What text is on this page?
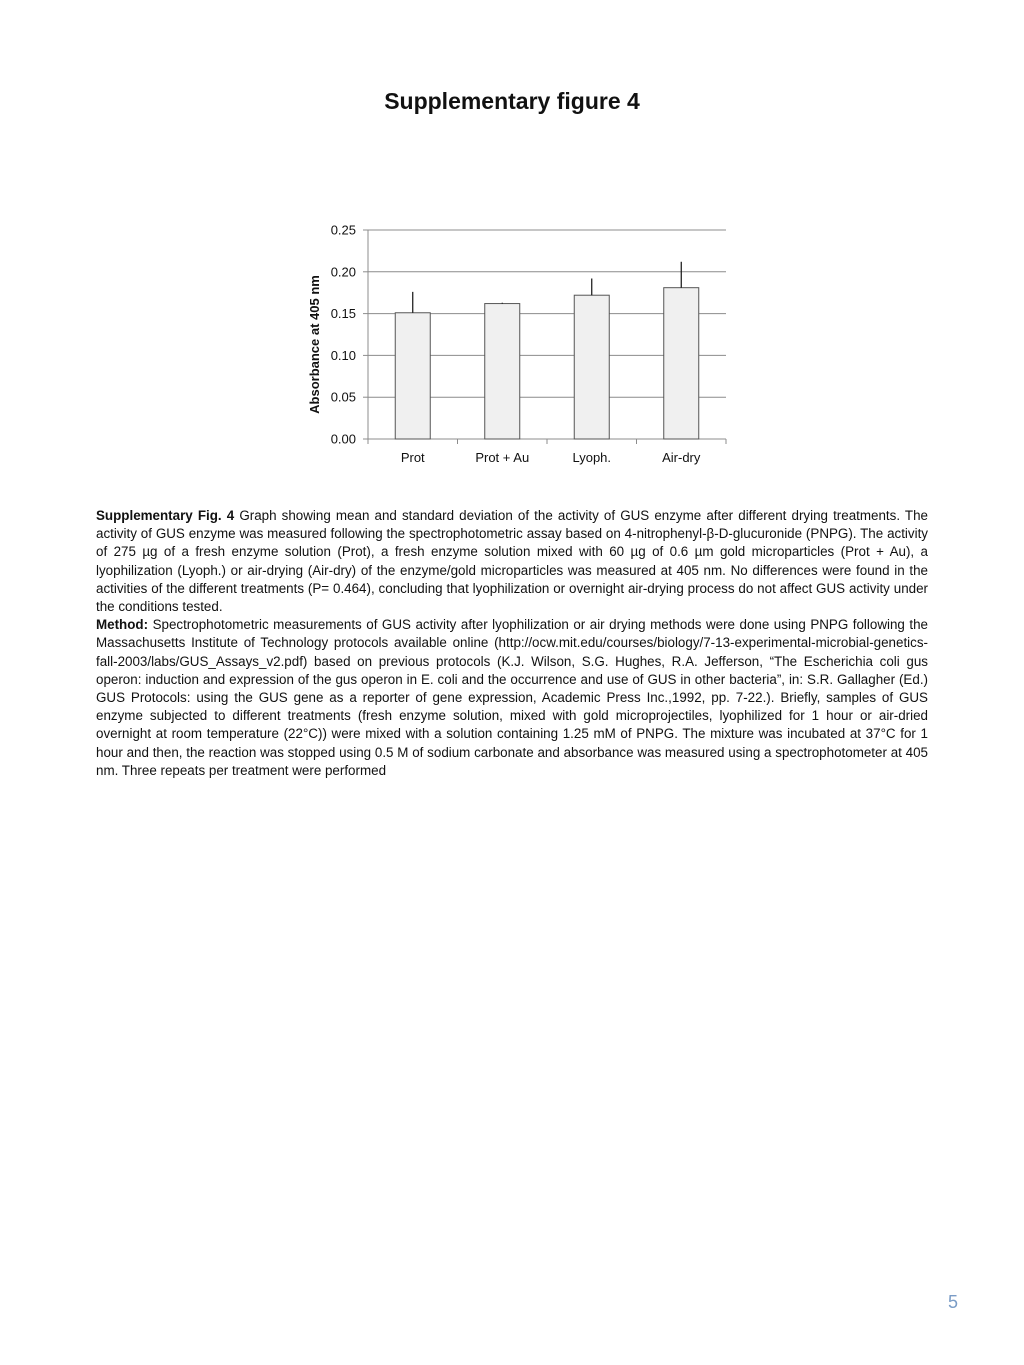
Supplementary figure 4
0.00
0.05
0.10
0.15
0.20
0.25
Prot	Prot + Au	Lyoph.	Air-dry
Absorbance at 405 nm

Supplementary Fig. 4 Graph showing mean and standard deviation of the activity of GUS enzyme after different drying treatments. The activity of GUS enzyme was measured following the spectrophotometric assay based on 4-nitrophenyl-β-D-glucuronide (PNPG). The activity of 275 µg of a fresh enzyme solution (Prot), a fresh enzyme solution mixed with 60 µg of 0.6 µm gold microparticles (Prot + Au), a lyophilization (Lyoph.) or air-drying (Air-dry) of the enzyme/gold microparticles was measured at 405 nm. No differences were found in the activities of the different treatments (P= 0.464), concluding that lyophilization or overnight air-drying process do not affect GUS activity under the conditions tested.

Method: Spectrophotometric measurements of GUS activity after lyophilization or air drying methods were done using PNPG following the Massachusetts Institute of Technology protocols available online (http://ocw.mit.edu/courses/biology/7-13-experimental-microbial-genetics-fall-2003/labs/GUS_Assays_v2.pdf) based on previous protocols (K.J. Wilson, S.G. Hughes, R.A. Jefferson, “The Escherichia coli gus operon: induction and expression of the gus operon in E. coli and the occurrence and use of GUS in other bacteria”, in: S.R. Gallagher (Ed.) GUS Protocols: using the GUS gene as a reporter of gene expression, Academic Press Inc.,1992, pp. 7-22.). Briefly, samples of GUS enzyme subjected to different treatments (fresh enzyme solution, mixed with gold microprojectiles, lyophilized for 1 hour or air-dried overnight at room temperature (22°C)) were mixed with a solution containing 1.25 mM of PNPG. The mixture was incubated at 37°C for 1 hour and then, the reaction was stopped using 0.5 M of sodium carbonate and absorbance was measured using a spectrophotometer at 405 nm. Three repeats per treatment were performed

5
